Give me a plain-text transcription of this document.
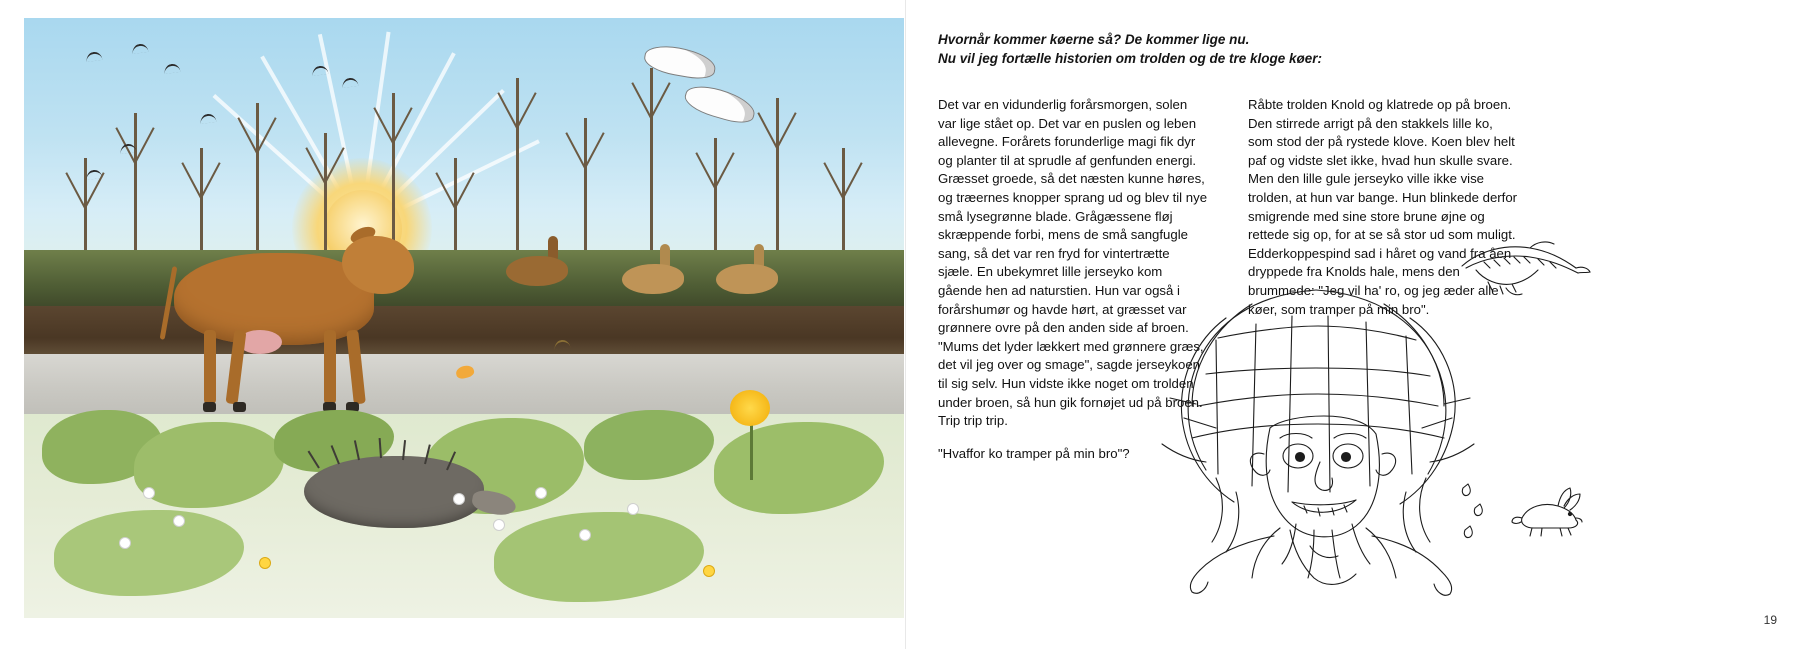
Hvornår kommer køerne så? De kommer lige nu.

Nu vil jeg fortælle historien om trolden og de tre kloge køer:

Det var en vidunderlig forårsmorgen, solen var lige stået op. Det var en puslen og leben allevegne. Forårets forunderlige magi fik dyr og planter til at sprudle af genfunden energi. Græsset groede, så det næsten kunne høres, og træernes knopper sprang ud og blev til nye små lysegrønne blade. Grågæssene fløj skræppende forbi, mens de små sangfugle sang, så det var ren fryd for vintertrætte sjæle. En ubekymret lille jerseyko kom gående hen ad naturstien. Hun var også i forårshumør og havde hørt, at græsset var grønnere ovre på den anden side af broen. "Mums det lyder lækkert med grønnere græs, det vil jeg over og smage", sagde jerseykoen til sig selv. Hun vidste ikke noget om trolden under broen, så hun gik fornøjet ud på broen. Trip trip trip.

"Hvaffor ko tramper på min bro"?

Råbte trolden Knold og klatrede op på broen. Den stirrede arrigt på den stakkels lille ko, som stod der på rystede klove. Koen blev helt paf og vidste slet ikke, hvad hun skulle svare. Men den lille gule jerseyko ville ikke vise trolden, at hun var bange. Hun blinkede derfor smigrende med sine store brune øjne og rettede sig op, for at se så stor ud som muligt. Edderkoppespind sad i håret og vand fra åen dryppede fra Knolds hale, mens den brummede: "Jeg vil ha' ro, og jeg æder alle køer, som tramper på min bro".

19
